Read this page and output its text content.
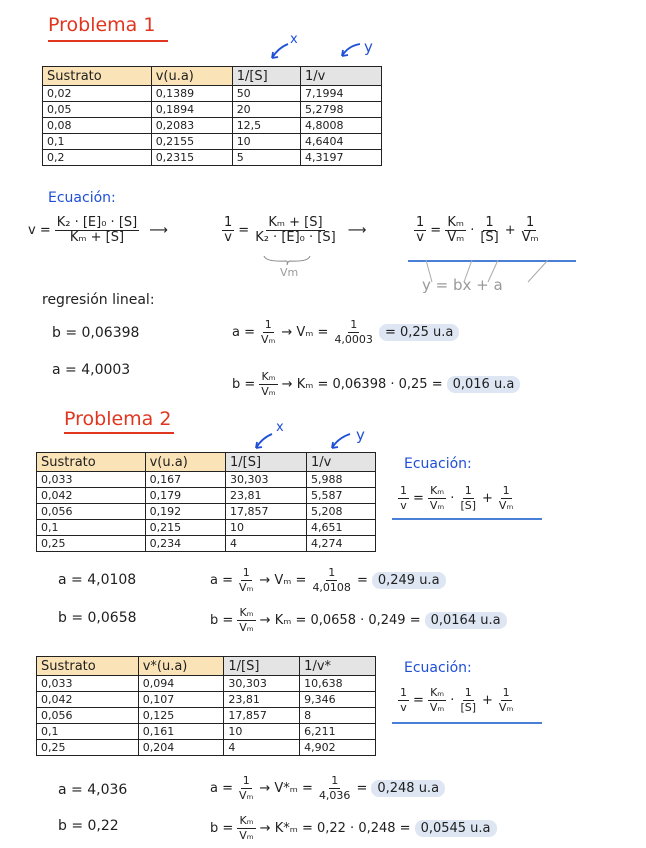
Problema 1
x	y
Sustrato	v(u.a)	1/[S]	1/v
0,02	0,1389	50	7,1994
0,05	0,1894	20	5,2798
0,08	0,2083	12,5	4,8008
0,1	0,2155	10	4,6404
0,2	0,2315	5	4,3197
Ecuación:
$v = \frac{\text{K₂ · [E]₀ · [S]}}{\text{Kₘ + [S]}}$ ⟶	$\frac{1}{v} = \frac{\text{Kₘ + [S]}}{\text{K₂ · [E]₀ · [S]}}$ ⟶
Vm
$\frac{1}{v} = \frac{\text{Kₘ}}{\text{Vₘ}} \cdot \frac{1}{[S]} + \frac{1}{\text{Vₘ}}$
y = bx + a
regresión lineal:
b = 0,06398
a = 4,0003
$a = \frac{1}{\text{Vₘ}} \to V_m = \frac{1}{4,0003} = 0,25$ u.a
$b = \frac{\text{Kₘ}}{\text{Vₘ}} \to K_m = 0,06398 \cdot 0,25 = 0,016$ u.a
Problema 2	x	y
Sustrato	v(u.a)	1/[S]	1/v
0,033	0,167	30,303	5,988
0,042	0,179	23,81	5,587
0,056	0,192	17,857	5,208
0,1	0,215	10	4,651
0,25	0,234	4	4,274
Ecuación:
$\frac{1}{v} = \frac{\text{Kₘ}}{\text{Vₘ}} \cdot \frac{1}{[S]} + \frac{1}{\text{Vₘ}}$
a = 4,0108
b = 0,0658
$a = \frac{1}{\text{Vₘ}} \to V_m = \frac{1}{4,0108} = 0,249$ u.a
$b = \frac{\text{Kₘ}}{\text{Vₘ}} \to K_m = 0,0658 \cdot 0,249 = 0,0164$ u.a
Sustrato	v*(u.a)	1/[S]	1/v*
0,033	0,094	30,303	10,638
0,042	0,107	23,81	9,346
0,056	0,125	17,857	8
0,1	0,161	10	6,211
0,25	0,204	4	4,902
Ecuación:
$\frac{1}{v} = \frac{\text{Kₘ}}{\text{Vₘ}} \cdot \frac{1}{[S]} + \frac{1}{\text{Vₘ}}$
a = 4,036
b = 0,22
$a = \frac{1}{\text{Vₘ}} \to V*_m = \frac{1}{4,036} = 0,248$ u.a
$b = \frac{\text{Kₘ}}{\text{Vₘ}} \to K*_m = 0,22 \cdot 0,248 = 0,0545$ u.a
